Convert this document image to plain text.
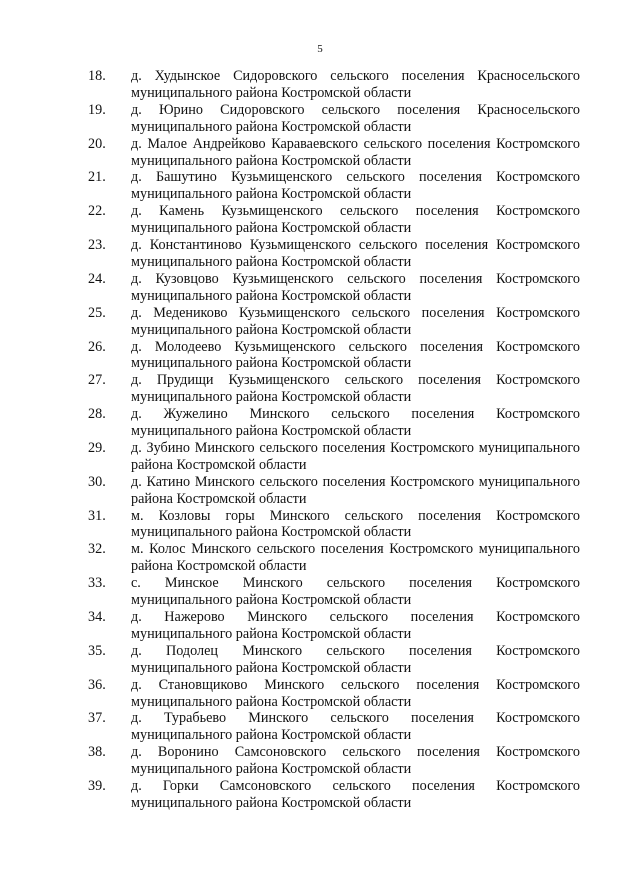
5
18.	д. Худынское Сидоровского сельского поселения Красносельского муниципального района Костромской области
19.	д. Юрино Сидоровского сельского поселения Красносельского муниципального района Костромской области
20.	д. Малое Андрейково Караваевского сельского поселения Костромского муниципального района Костромской области
21.	д. Башутино Кузьмищенского сельского поселения Костромского муниципального района Костромской области
22.	д. Камень Кузьмищенского сельского поселения Костромского муниципального района Костромской области
23.	д. Константиново Кузьмищенского сельского поселения Костромского муниципального района Костромской области
24.	д. Кузовцово Кузьмищенского сельского поселения Костромского муниципального района Костромской области
25.	д. Медениково Кузьмищенского сельского поселения Костромского муниципального района Костромской области
26.	д. Молодеево Кузьмищенского сельского поселения Костромского муниципального района Костромской области
27.	д. Прудищи Кузьмищенского сельского поселения Костромского муниципального района Костромской области
28.	д. Жужелино Минского сельского поселения Костромского муниципального района Костромской области
29.	д. Зубино Минского сельского поселения Костромского муниципального района Костромской области
30.	д. Катино Минского сельского поселения Костромского муниципального района Костромской области
31.	м. Козловы горы Минского сельского поселения Костромского муниципального района Костромской области
32.	м. Колос Минского сельского поселения Костромского муниципального района Костромской области
33.	с. Минское Минского сельского поселения Костромского муниципального района Костромской области
34.	д. Нажерово Минского сельского поселения Костромского муниципального района Костромской области
35.	д. Подолец Минского сельского поселения Костромского муниципального района Костромской области
36.	д. Становщиково Минского сельского поселения Костромского муниципального района Костромской области
37.	д. Турабьево Минского сельского поселения Костромского муниципального района Костромской области
38.	д. Воронино Самсоновского сельского поселения Костромского муниципального района Костромской области
39.	д. Горки Самсоновского сельского поселения Костромского муниципального района Костромской области
